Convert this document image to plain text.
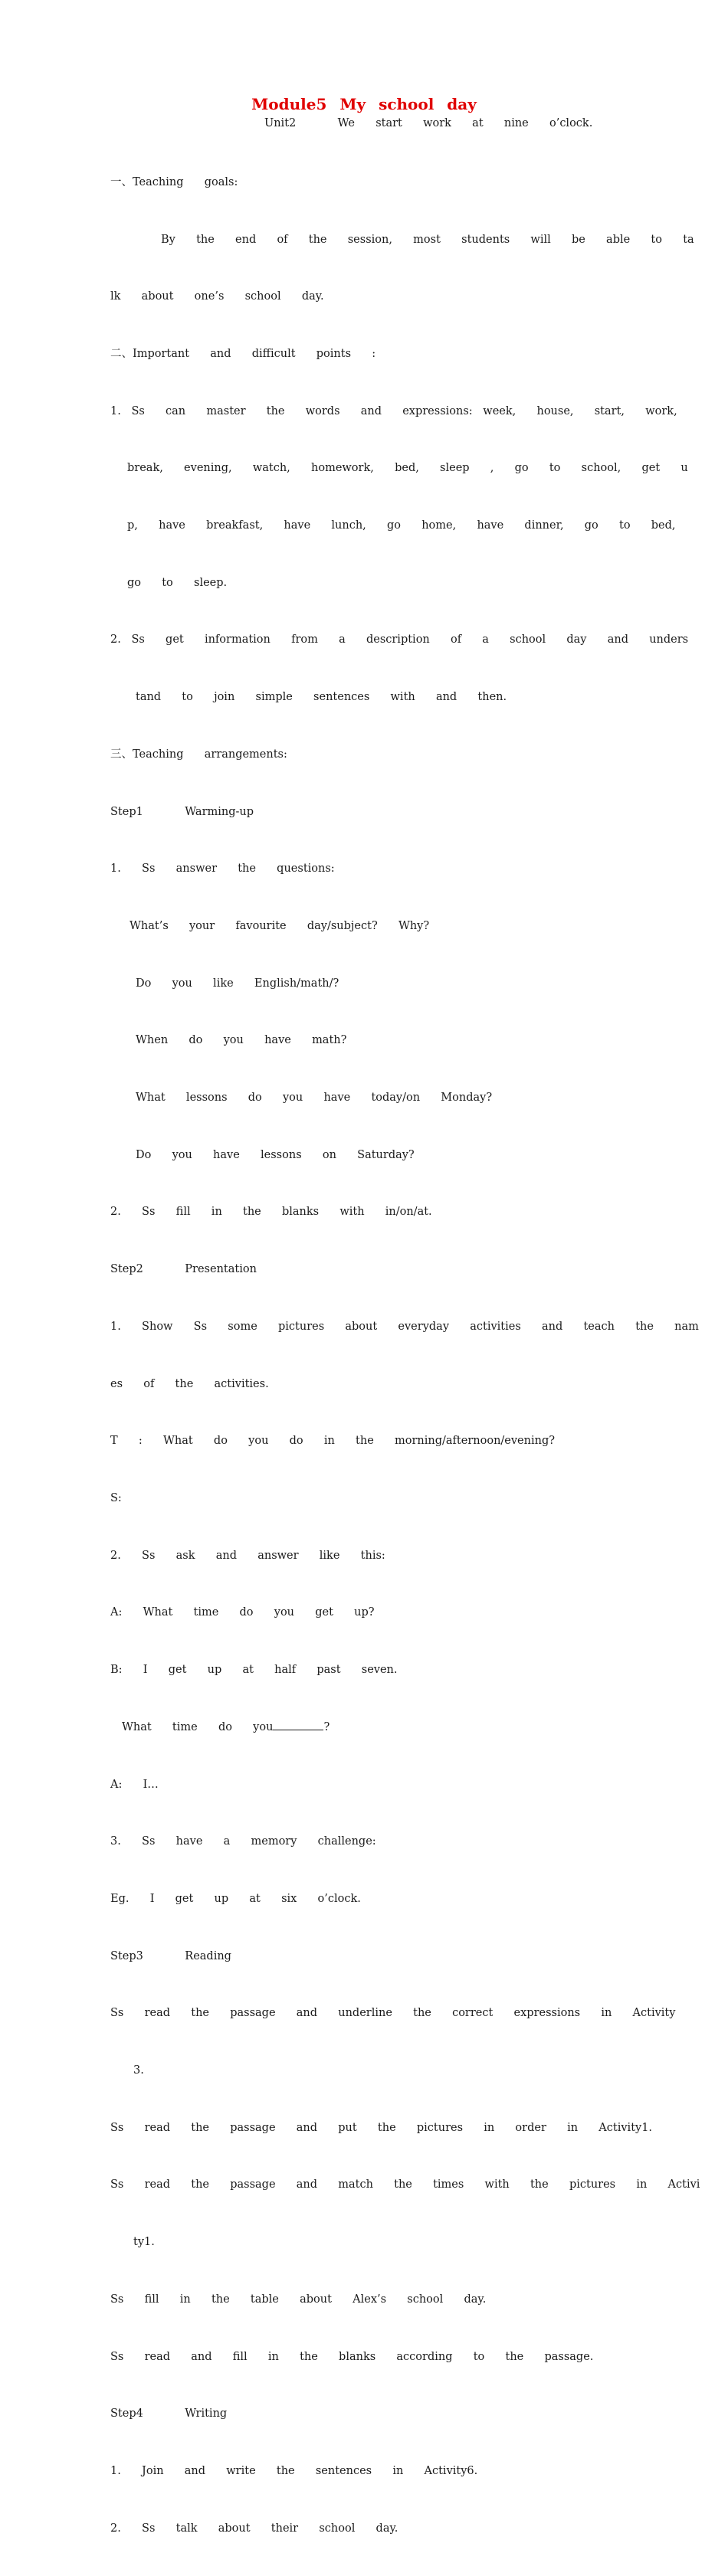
Module5 My school day
Unit2    We  start  work  at  nine  o’clock.

一、Teaching  goals:

By  the  end  of  the  session,  most  students  will  be  able  to  ta

lk  about  one’s  school  day.

二、Important  and  difficult  points  :

1. Ss  can  master  the  words  and  expressions: week,  house,  start,  work,

break,  evening,  watch,  homework,  bed,  sleep  ,  go  to  school,  get  u

p,  have  breakfast,  have  lunch,  go  home,  have  dinner,  go  to  bed,

go  to  sleep.

2. Ss  get  information  from  a  description  of  a  school  day  and  unders

tand  to  join  simple  sentences  with  and  then.

三、Teaching  arrangements:

Step1    Warming-up

1.  Ss  answer  the  questions:

What’s  your  favourite  day/subject?  Why?

Do  you  like  English/math/?

When  do  you  have  math?

What  lessons  do  you  have  today/on  Monday?

Do  you  have  lessons  on  Saturday?

2.  Ss  fill  in  the  blanks  with  in/on/at.

Step2    Presentation

1.  Show  Ss  some  pictures  about  everyday  activities  and  teach  the  nam

es  of  the  activities.

T  :  What  do  you  do  in  the  morning/afternoon/evening?

S:

2.  Ss  ask  and  answer  like  this:

A:  What  time  do  you  get  up?

B:  I  get  up  at  half  past  seven.

What  time  do  you	?

A:  I…

3.  Ss  have  a  memory  challenge:

Eg.  I  get  up  at  six  o’clock.

Step3    Reading

Ss  read  the  passage  and  underline  the  correct  expressions  in  Activity

3.

Ss  read  the  passage  and  put  the  pictures  in  order  in  Activity1.

Ss  read  the  passage  and  match  the  times  with  the  pictures  in  Activi

ty1.

Ss  fill  in  the  table  about  Alex’s  school  day.

Ss  read  and  fill  in  the  blanks  according  to  the  passage.

Step4    Writing

1.  Join  and  write  the  sentences  in  Activity6.

2.  Ss  talk  about  their  school  day.
